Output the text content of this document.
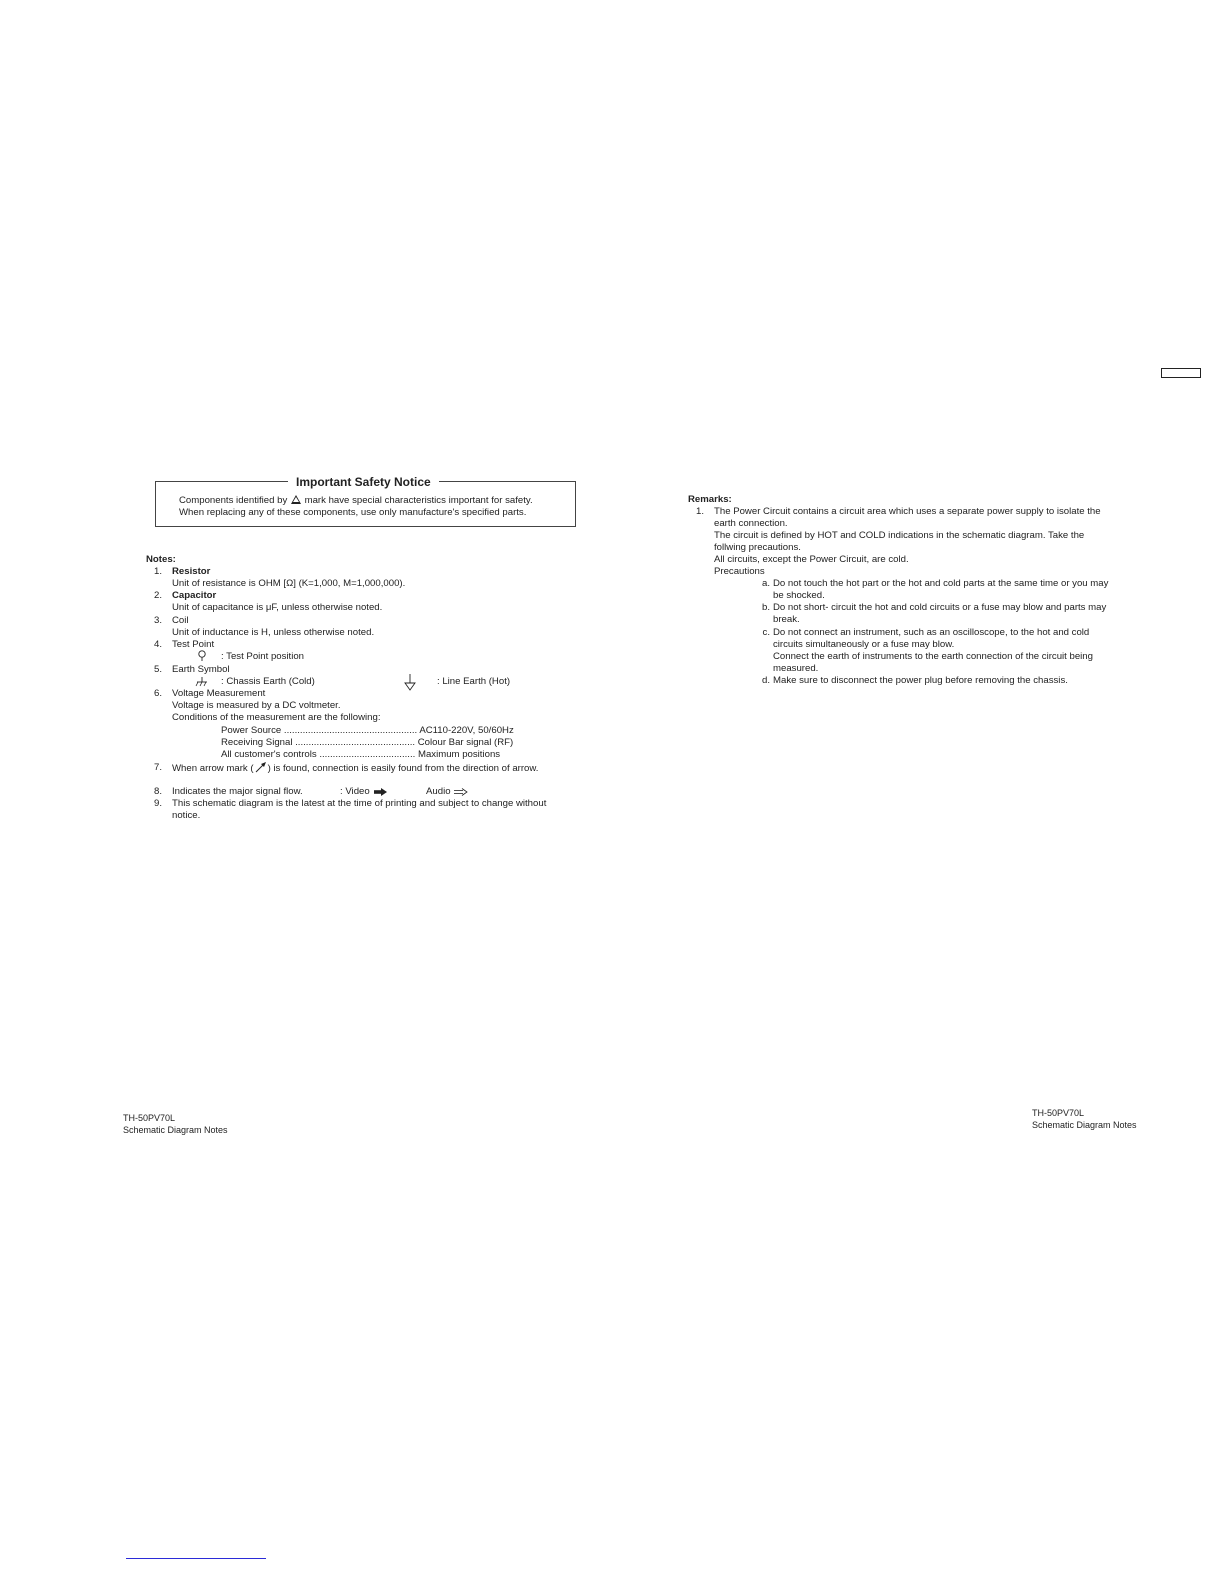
Important Safety Notice
Components identified by mark have special characteristics important for safety.
When replacing any of these components, use only manufacture's specified parts.
Notes:
1. Resistor
Unit of resistance is OHM [Ω] (K=1,000, M=1,000,000).
2. Capacitor
Unit of capacitance is μF, unless otherwise noted.
3. Coil
Unit of inductance is H, unless otherwise noted.
4. Test Point
: Test Point position
5. Earth Symbol
: Chassis Earth (Cold)	: Line Earth (Hot)
6. Voltage Measurement
Voltage is measured by a DC voltmeter.
Conditions of the measurement are the following:
Power Source .................................................. AC110-220V, 50/60Hz
Receiving Signal ............................................. Colour Bar signal (RF)
All customer's controls .................................... Maximum positions
7. When arrow mark ( ) is found, connection is easily found from the direction of arrow.
8. Indicates the major signal flow.	: Video	Audio
9. This schematic diagram is the latest at the time of printing and subject to change without
notice.
Remarks:
1. The Power Circuit contains a circuit area which uses a separate power supply to isolate the
earth connection.
The circuit is defined by HOT and COLD indications in the schematic diagram. Take the
follwing precautions.
All circuits, except the Power Circuit, are cold.
Precautions
a. Do not touch the hot part or the hot and cold parts at the same time or you may
be shocked.
b. Do not short- circuit the hot and cold circuits or a fuse may blow and parts may
break.
c. Do not connect an instrument, such as an oscilloscope, to the hot and cold
circuits simultaneously or a fuse may blow.
Connect the earth of instruments to the earth connection of the circuit being
measured.
d. Make sure to disconnect the power plug before removing the chassis.
TH-50PV70L
Schematic Diagram Notes
TH-50PV70L
Schematic Diagram Notes
